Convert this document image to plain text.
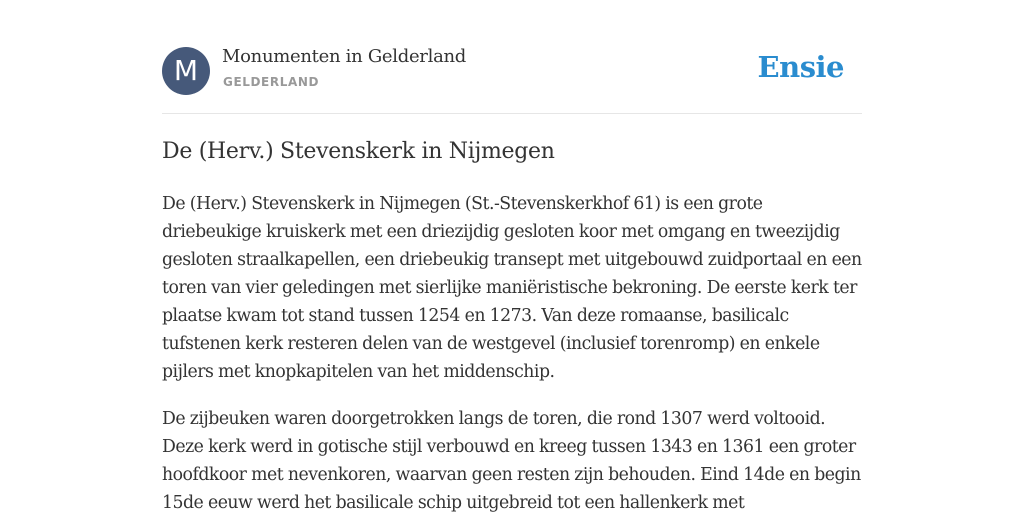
M	Monumenten in Gelderland
GELDERLAND	Ensie
De (Herv.) Stevenskerk in Nijmegen

De (Herv.) Stevenskerk in Nijmegen (St.-Stevenskerkhof 61) is een grote driebeukige kruiskerk met een driezijdig gesloten koor met omgang en tweezijdig gesloten straalkapellen, een driebeukig transept met uitgebouwd zuidportaal en een toren van vier geledingen met sierlijke maniëristische bekroning. De eerste kerk ter plaatse kwam tot stand tussen 1254 en 1273. Van deze romaanse, basilicalc tufstenen kerk resteren delen van de westgevel (inclusief torenromp) en enkele pijlers met knopkapitelen van het middenschip.

De zijbeuken waren doorgetrokken langs de toren, die rond 1307 werd voltooid. Deze kerk werd in gotische stijl verbouwd en kreeg tussen 1343 en 1361 een groter hoofdkoor met nevenkoren, waarvan geen resten zijn behouden. Eind 14de en begin 15de eeuw werd het basilicale schip uitgebreid tot een hallenkerk met
